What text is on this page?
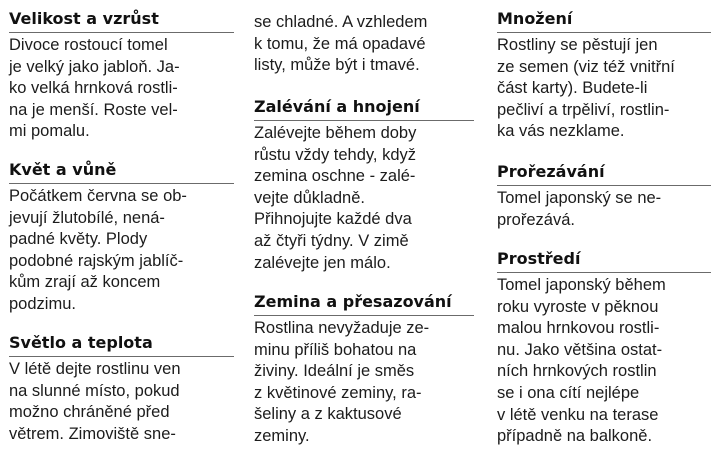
Velikost a vzrůst
Divoce rostoucí tomel
je velký jako jabloň. Ja-
ko velká hrnková rostli-
na je menší. Roste vel-
mi pomalu.
Květ a vůně
Počátkem června se ob-
jevují žlutobílé, nená-
padné květy. Plody
podobné rajským jablíč-
kům zrají až koncem
podzimu.
Světlo a teplota
V létě dejte rostlinu ven
na slunné místo, pokud
možno chráněné před
větrem. Zimoviště sne-
se chladné. A vzhledem
k tomu, že má opadavé
listy, může být i tmavé.
Zalévání a hnojení
Zalévejte během doby
růstu vždy tehdy, když
zemina oschne - zalé-
vejte důkladně.
Přihnojujte každé dva
až čtyři týdny. V zimě
zalévejte jen málo.
Zemina a přesazování
Rostlina nevyžaduje ze-
minu příliš bohatou na
živiny. Ideální je směs
z květinové zeminy, ra-
šeliny a z kaktusové
zeminy.
Množení
Rostliny se pěstují jen
ze semen (viz též vnitřní
část karty). Budete-li
pečliví a trpěliví, rostlin-
ka vás nezklame.
Prořezávání
Tomel japonský se ne-
prořezává.
Prostředí
Tomel japonský během
roku vyroste v pěknou
malou hrnkovou rostli-
nu. Jako většina ostat-
ních hrnkových rostlin
se i ona cítí nejlépe
v létě venku na terase
případně na balkoně.
